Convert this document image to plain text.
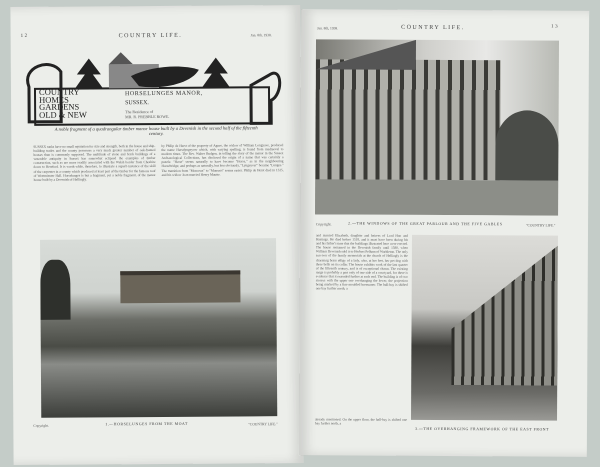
12	COUNTRY LIFE.	Jan. 8th, 1938.
COUNTRY
HOMES
GARDENS
OLD & NEW
HORSELUNGES MANOR,
SUSSEX.
The Residence of
MR. R. PREBBLE ROWE.
A noble fragment of a quadrangular timber manor house built by a Devenish in the second half of the fifteenth century.
SUSSEX ranks have no small reputation for size and strength, both in the house and ship-building trades and the county possesses a very much greater number of oak-framed houses than is commonly supposed. The multitude of stone and brick buildings of a venerable antiquity in Sussex has somewhat eclipsed the examples of timber construction, such as are more readily associated with the Welsh border from Cheshire down to Hereford. It is worth while, therefore, to illustrate a superb instance of the skill of the carpenter in a county which produced at least part of the timber for the famous roof of Westminster Hall. Horselunges is but a fragment, yet a noble fragment, of the manor house built by a Devenish of Hellingly.
by Philip de Herst of the property of Agnes, the widow of William Longyave, produced the name Herstlyngeyver which, with varying spelling, is found from mediaeval to modern times. The Rev. Walter Budgen, in telling the story of the manor in the Sussex Archaeological Collections, has disclosed the origin of a name that was certainly a puzzle. "Herst" seems naturally to have become "Horse," as in the neighbouring Horsebridge; and perhaps as naturally, but less obviously, "Lyngeyver" became "Lunges." The transition from "Monceux" to "Monsers" seems easier. Philip de Herst died in 1325, and his widow Joan married Henry Mautte.
Copyright.	1.—HORSELUNGES FROM THE MOAT	"COUNTRY LIFE."
Jan. 8th, 1938.	COUNTRY LIFE.	13
Copyright.	2.—THE WINDOWS OF THE GREAT PARLOUR AND THE FIVE GABLES	"COUNTRY LIFE."
and married Elizabeth, daughter and heiress of Lord Hoo and Hastings. He died before 1518, and it must have been during his and his father's time that the buildings illustrated here were erected. The house remained in the Devenish family until 1580, when William Devenish sold it to Herbert Pelham of Warbleton. The only survivor of the family memorials at the church of Hellingly is the charming brass effigy of a lady, who, at her feet, her pet dog with three bells on its collar. The house exhibits work of the last quarter of the fifteenth century, and is of exceptional charm. The existing range is probably a part only of one side of a courtyard, for there is evidence that it extended further at each end. The building is of two storeys with the upper one overhanging the lower, the projection being marked by a fine moulded bressumer. The hall-bay is shifted one bay further north, a
already mentioned. On the upper floor, the hall-bay is shifted one bay further north, a
3.—THE OVERHANGING FRAMEWORK OF THE EAST FRONT
